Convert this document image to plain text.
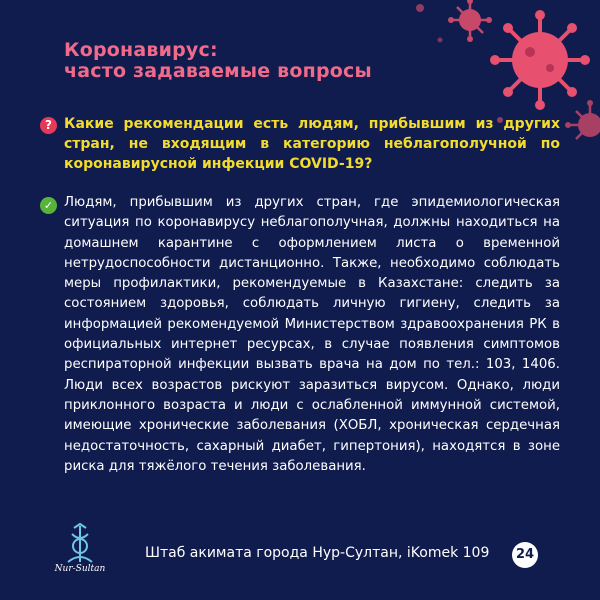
Коронавирус:
часто задаваемые вопросы
? Какие рекомендации есть людям, прибывшим из других стран, не входящим в категорию неблагополучной по коронавирусной инфекции COVID-19?
✓ Людям, прибывшим из других стран, где эпидемиологическая ситуация по коронавирусу неблагополучная, должны находиться на домашнем карантине с оформлением листа о временной нетрудоспособности дистанционно. Также, необходимо соблюдать меры профилактики, рекомендуемые в Казахстане: следить за состоянием здоровья, соблюдать личную гигиену, следить за информацией рекомендуемой Министерством здравоохранения РК в официальных интернет ресурсах, в случае появления симптомов респираторной инфекции вызвать врача на дом по тел.: 103, 1406. Люди всех возрастов рискуют заразиться вирусом. Однако, люди приклонного возраста и люди с ослабленной иммунной системой, имеющие хронические заболевания (ХОБЛ, хроническая сердечная недостаточность, сахарный диабет, гипертония), находятся в зоне риска для тяжёлого течения заболевания.
Nur-Sultan
Штаб акимата города Нур-Султан, iKomek 109	24
